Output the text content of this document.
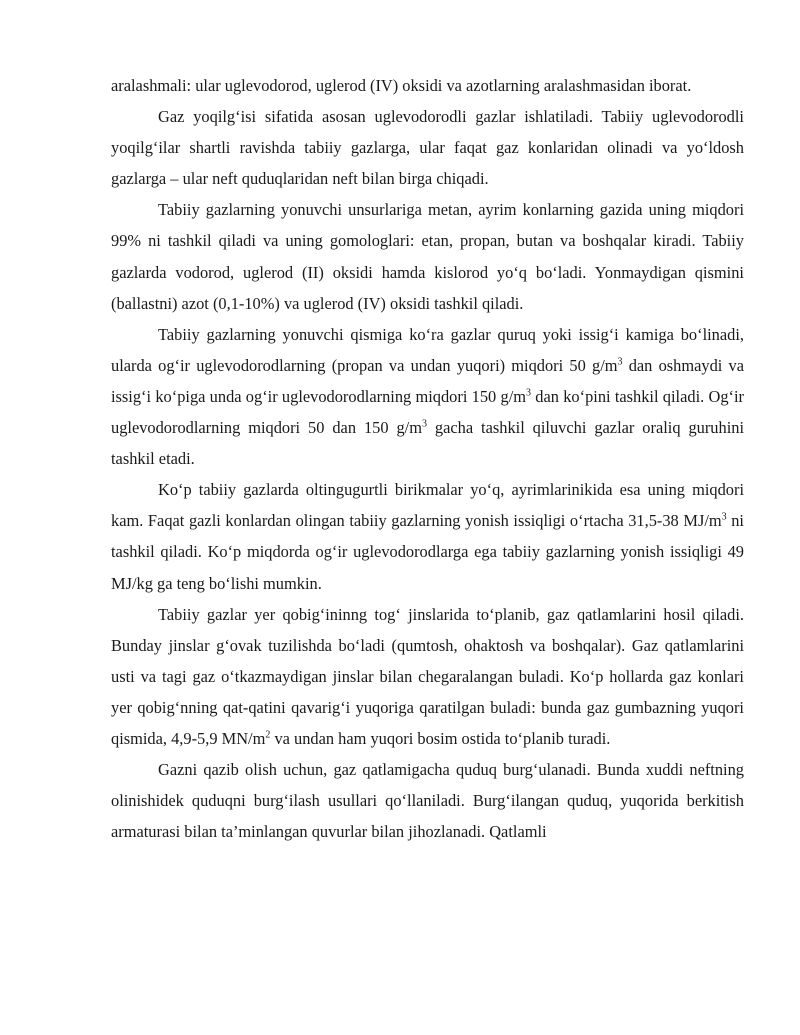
aralashmali: ular uglevodorod, uglerod (IV) oksidi va azotlarning aralashmasidan iborat.

Gaz yoqilg‘isi sifatida asosan uglevodorodli gazlar ishlatiladi. Tabiiy uglevodorodli yoqilg‘ilar shartli ravishda tabiiy gazlarga, ular faqat gaz konlaridan olinadi va yo‘ldosh gazlarga – ular neft quduqlaridan neft bilan birga chiqadi.

Tabiiy gazlarning yonuvchi unsurlariga metan, ayrim konlarning gazida uning miqdori 99% ni tashkil qiladi va uning gomologlari: etan, propan, butan va boshqalar kiradi. Tabiiy gazlarda vodorod, uglerod (II) oksidi hamda kislorod yo‘q bo‘ladi. Yonmaydigan qismini (ballastni) azot (0,1-10%) va uglerod (IV) oksidi tashkil qiladi.

Tabiiy gazlarning yonuvchi qismiga ko‘ra gazlar quruq yoki issig‘i kamiga bo‘linadi, ularda og‘ir uglevodorodlarning (propan va undan yuqori) miqdori 50 $g/m^3$ dan oshmaydi va issig‘i ko‘piga unda og‘ir uglevodorodlarning miqdori 150 $g/m^3$ dan ko‘pini tashkil qiladi. Og‘ir uglevodorodlarning miqdori 50 dan 150 $g/m^3$ gacha tashkil qiluvchi gazlar oraliq guruhini tashkil etadi.

Ko‘p tabiiy gazlarda oltingugurtli birikmalar yo‘q, ayrimlarinikida esa uning miqdori kam. Faqat gazli konlardan olingan tabiiy gazlarning yonish issiqligi o‘rtacha 31,5-38 $MJ/m^3$ ni tashkil qiladi. Ko‘p miqdorda og‘ir uglevodorodlarga ega tabiiy gazlarning yonish issiqligi 49 MJ/kg ga teng bo‘lishi mumkin.

Tabiiy gazlar yer qobig‘ininng tog‘ jinslarida to‘planib, gaz qatlamlarini hosil qiladi. Bunday jinslar g‘ovak tuzilishda bo‘ladi (qumtosh, ohaktosh va boshqalar). Gaz qatlamlarini usti va tagi gaz o‘tkazmaydigan jinslar bilan chegaralangan buladi. Ko‘p hollarda gaz konlari yer qobig‘nning qat-qatini qavarig‘i yuqoriga qaratilgan buladi: bunda gaz gumbazning yuqori qismida, 4,9-5,9 $MN/m^2$ va undan ham yuqori bosim ostida to‘planib turadi.

Gazni qazib olish uchun, gaz qatlamigacha quduq burg‘ulanadi. Bunda xuddi neftning olinishidek quduqni burg‘ilash usullari qo‘llaniladi. Burg‘ilangan quduq, yuqorida berkitish armaturasi bilan ta’minlangan quvurlar bilan jihozlanadi. Qatlamli
